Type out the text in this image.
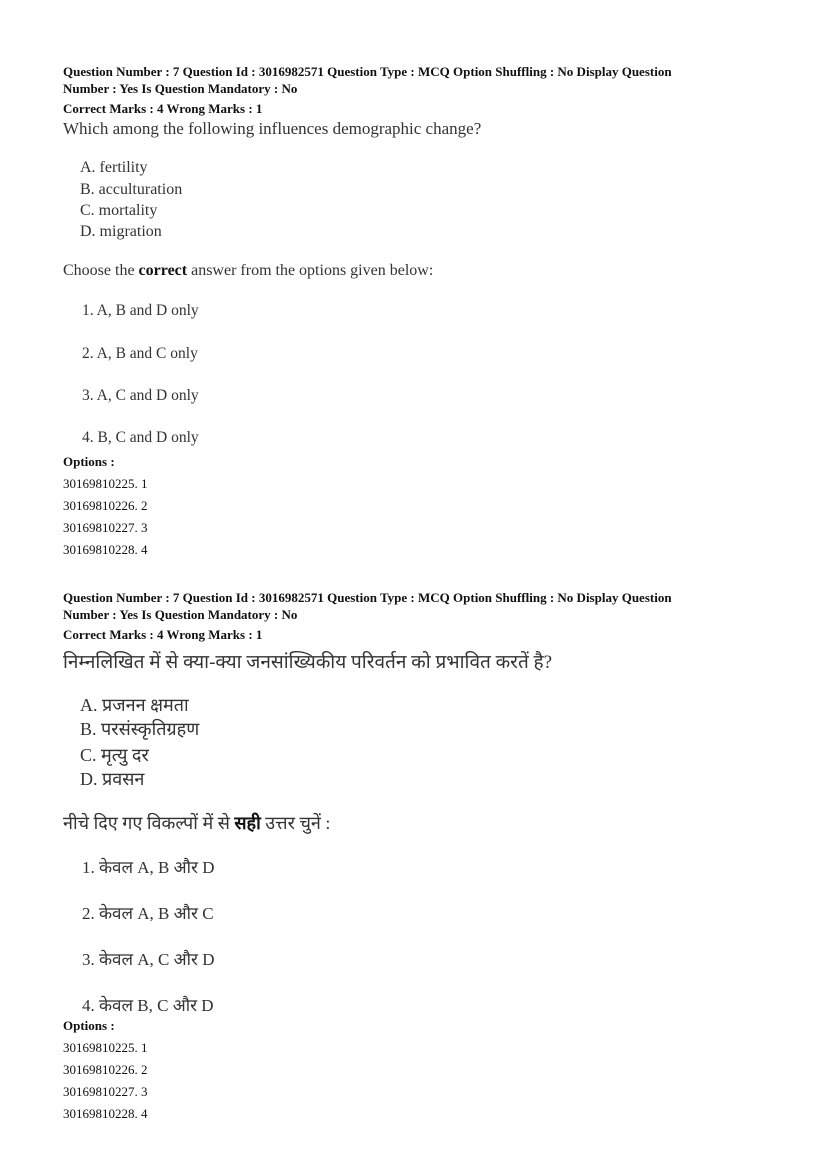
Question Number : 7 Question Id : 3016982571 Question Type : MCQ Option Shuffling : No Display Question
Number : Yes Is Question Mandatory : No
Correct Marks : 4 Wrong Marks : 1
Which among the following influences demographic change?
A. fertility
B. acculturation
C. mortality
D. migration
Choose the correct answer from the options given below:
1. A, B and D only
2. A, B and C only
3. A, C and D only
4. B, C and D only
Options :
30169810225. 1
30169810226. 2
30169810227. 3
30169810228. 4
Question Number : 7 Question Id : 3016982571 Question Type : MCQ Option Shuffling : No Display Question
Number : Yes Is Question Mandatory : No
Correct Marks : 4 Wrong Marks : 1
निम्नलिखित में से क्या-क्या जनसांख्यिकीय परिवर्तन को प्रभावित करतें है?
A. प्रजनन क्षमता
B. परसंस्कृतिग्रहण
C. मृत्यु दर
D. प्रवसन
नीचे दिए गए विकल्पों में से सही उत्तर चुनें :
1. केवल A, B और D
2. केवल A, B और C
3. केवल A, C और D
4. केवल B, C और D
Options :
30169810225. 1
30169810226. 2
30169810227. 3
30169810228. 4
